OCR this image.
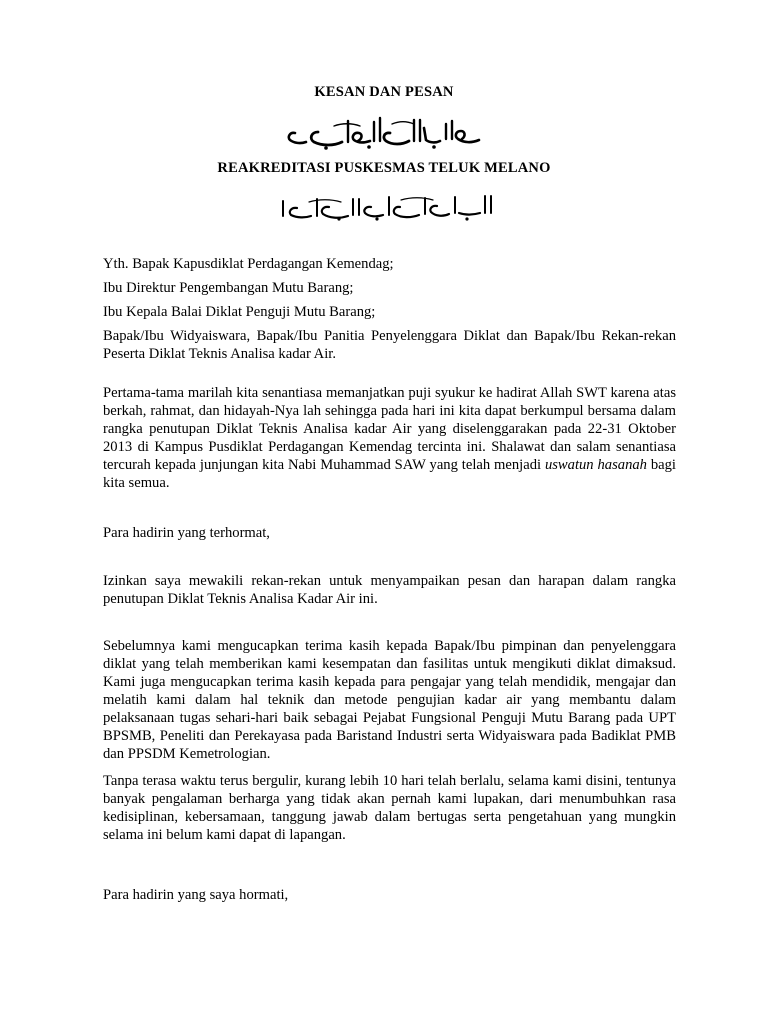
KESAN DAN PESAN
REAKREDITASI PUSKESMAS TELUK MELANO
Yth. Bapak Kapusdiklat Perdagangan Kemendag;
Ibu Direktur Pengembangan Mutu Barang;
Ibu Kepala Balai Diklat Penguji Mutu Barang;

Bapak/Ibu Widyaiswara, Bapak/Ibu Panitia Penyelenggara Diklat dan Bapak/Ibu Rekan-rekan Peserta Diklat Teknis Analisa kadar Air.

Pertama-tama marilah kita senantiasa memanjatkan puji syukur ke hadirat Allah SWT karena atas berkah, rahmat, dan hidayah-Nya lah sehingga pada hari ini kita dapat berkumpul bersama dalam rangka penutupan Diklat Teknis Analisa kadar Air yang diselenggarakan pada 22-31 Oktober 2013 di Kampus Pusdiklat Perdagangan Kemendag tercinta ini. Shalawat dan salam senantiasa tercurah kepada junjungan kita Nabi Muhammad SAW yang telah menjadi uswatun hasanah bagi kita semua.

Para hadirin yang terhormat,

Izinkan saya mewakili rekan-rekan untuk menyampaikan pesan dan harapan dalam rangka penutupan Diklat Teknis Analisa Kadar Air ini.

Sebelumnya kami mengucapkan terima kasih kepada Bapak/Ibu pimpinan dan penyelenggara diklat yang telah memberikan kami kesempatan dan fasilitas untuk mengikuti diklat dimaksud. Kami juga mengucapkan terima kasih kepada para pengajar yang telah mendidik, mengajar dan melatih kami dalam hal teknik dan metode pengujian kadar air yang membantu dalam pelaksanaan tugas sehari-hari baik sebagai Pejabat Fungsional Penguji Mutu Barang pada UPT BPSMB, Peneliti dan Perekayasa pada Baristand Industri serta Widyaiswara pada Badiklat PMB dan PPSDM Kemetrologian.

Tanpa terasa waktu terus bergulir, kurang lebih 10 hari telah berlalu, selama kami disini, tentunya banyak pengalaman berharga yang tidak akan pernah kami lupakan, dari menumbuhkan rasa kedisiplinan, kebersamaan, tanggung jawab dalam bertugas serta pengetahuan yang mungkin selama ini belum kami dapat di lapangan.

Para hadirin yang saya hormati,
